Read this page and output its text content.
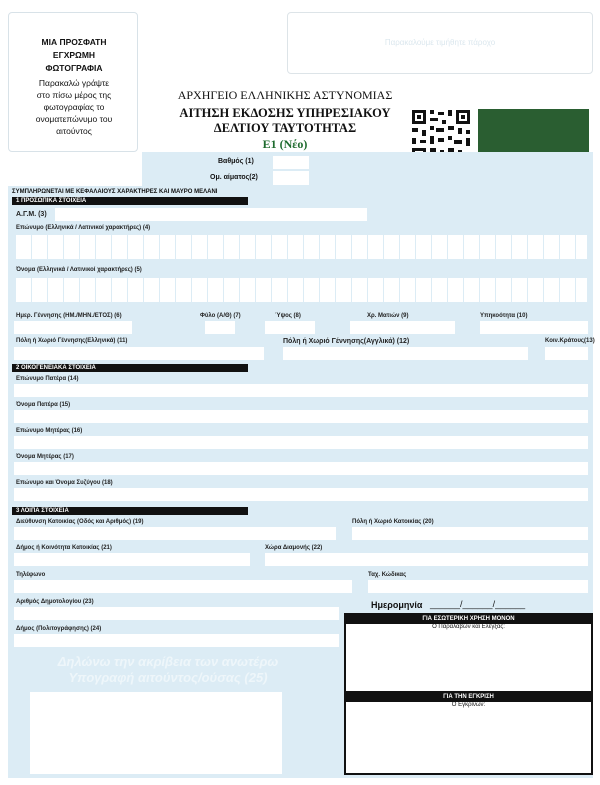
ΜΙΑ ΠΡΟΣΦΑΤΗ
ΕΓΧΡΩΜΗ
ΦΩΤΟΓΡΑΦΙΑ
Παρακαλώ γράψτε
στο πίσω μέρος της
φωτογραφίας το
ονοματεπώνυμο του
αιτούντος
Παρακαλούμε τιμήθητε πάροχο
ΑΡΧΗΓΕΙΟ ΕΛΛΗΝΙΚΗΣ ΑΣΤΥΝΟΜΙΑΣ
ΑΙΤΗΣΗ ΕΚΔΟΣΗΣ ΥΠΗΡΕΣΙΑΚΟΥ
ΔΕΛΤΙΟΥ ΤΑΥΤΟΤΗΤΑΣ
Ε1 (Νέο)
Βαθμός (1)
Ομ. αίματος(2)
ΣΥΜΠΛΗΡΩΝΕΤΑΙ ΜΕ ΚΕΦΑΛΑΙΟΥΣ ΧΑΡΑΚΤΗΡΕΣ ΚΑΙ ΜΑΥΡΟ ΜΕΛΑΝΙ
1 ΠΡΟΣΩΠΙΚΑ ΣΤΟΙΧΕΙΑ
Α.Γ.Μ. (3)
Επώνυμο (Ελληνικά / Λατινικοί χαρακτήρες) (4)
Όνομα (Ελληνικά / Λατινικοί χαρακτήρες) (5)
Ημερ. Γέννησης (ΗΜ./ΜΗΝ./ΕΤΟΣ) (6)	Φύλο (Α/Θ) (7)	Ύψος (8)	Χρ. Ματιών (9)	Υπηκοότητα (10)
Πόλη ή Χωριό Γέννησης(Ελληνικά) (11)	Πόλη ή Χωριό Γέννησης(Αγγλικά) (12)	Κοιν.Κράτους(13)
2 ΟΙΚΟΓΕΝΕΙΑΚΑ ΣΤΟΙΧΕΙΑ
Επώνυμο Πατέρα (14)
Όνομα Πατέρα (15)
Επώνυμο Μητέρας (16)
Όνομα Μητέρας (17)
Επώνυμο και Όνομα Συζύγου (18)
3 ΛΟΙΠΑ ΣΤΟΙΧΕΙΑ
Διεύθυνση Κατοικίας (Οδός και Αριθμός) (19)	Πόλη ή Χωριό Κατοικίας (20)
Δήμος ή Κοινότητα Κατοικίας (21)	Χώρα Διαμονής (22)
Τηλέφωνο	Ταχ. Κώδικας
Αριθμός Δημοτολογίου (23)	Ημερομηνία ______/______/______
Δήμος (Πολιτογράφησης) (24)
ΓΙΑ ΕΣΩΤΕΡΙΚΗ ΧΡΗΣΗ ΜΟΝΟΝ
Ο Παραλαβών και Ελέγξας:
ΓΙΑ ΤΗΝ ΕΓΚΡΙΣΗ
Ο Εγκρίνων:
Δηλώνω την ακρίβεια των ανωτέρω
Υπογραφή αιτούντος/ούσας (25)
